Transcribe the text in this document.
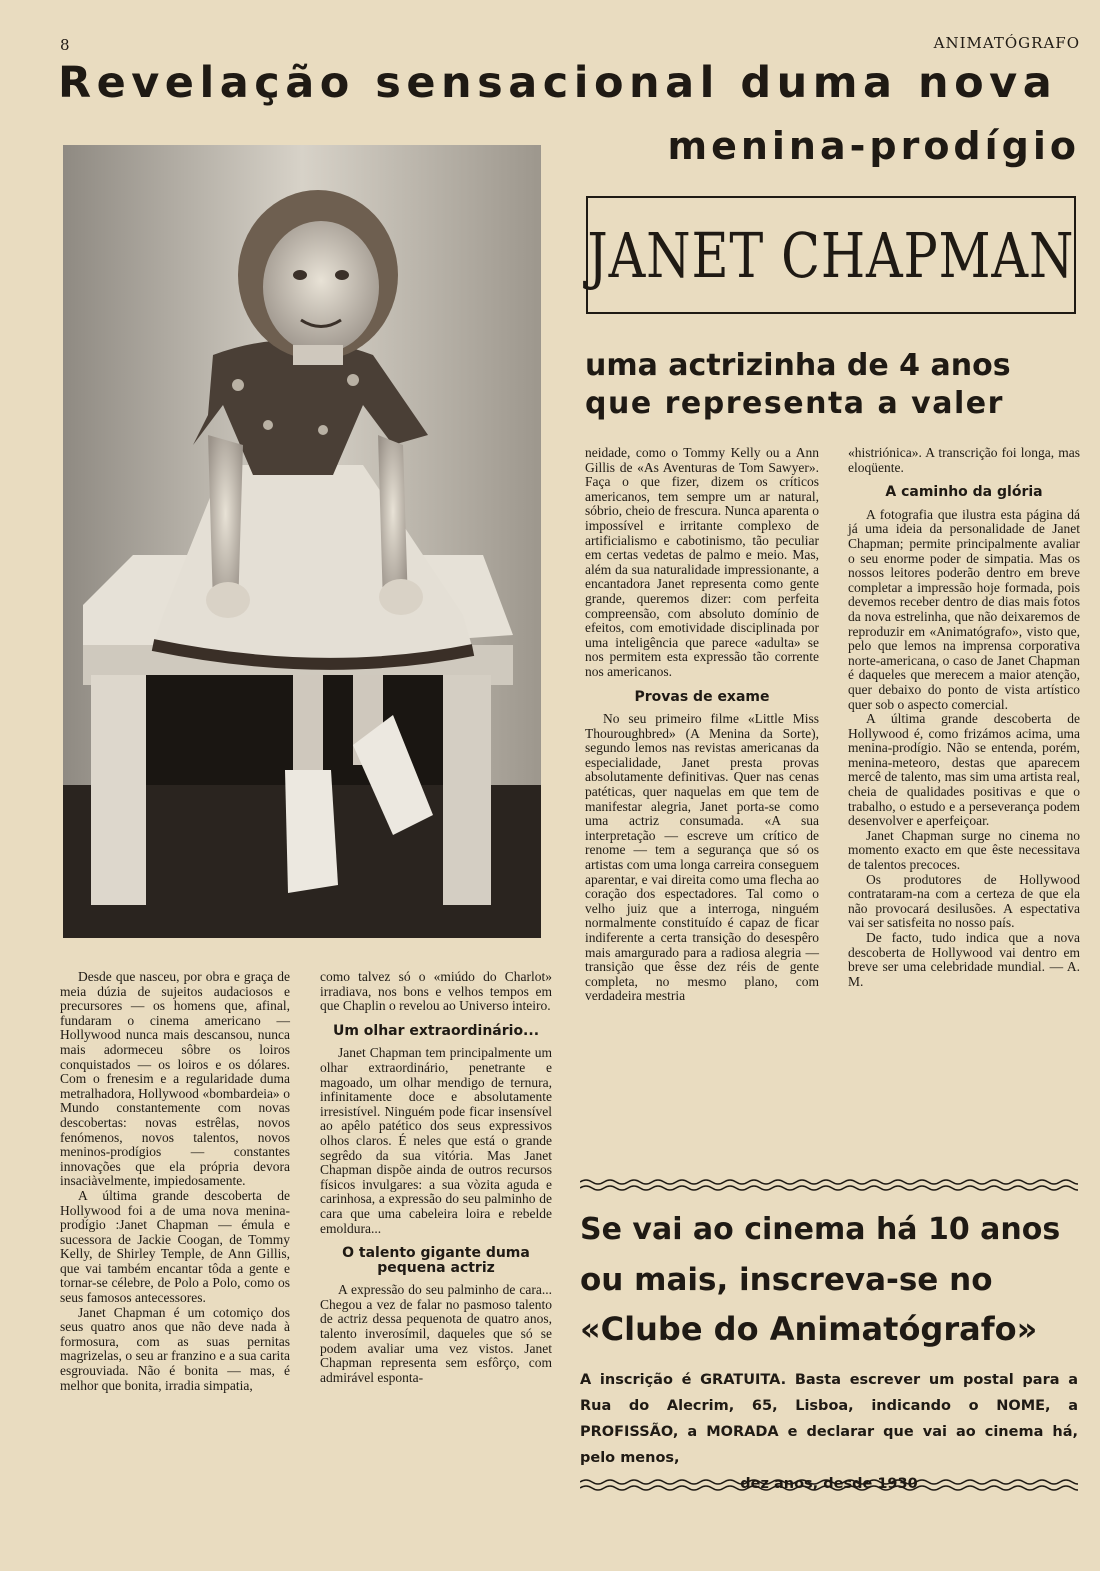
8	ANIMATÓGRAFO
Revelação sensacional duma nova
menina-prodígio
JANET CHAPMAN
uma actrizinha de 4 anos
que representa a valer

Desde que nasceu, por obra e graça de meia dúzia de sujeitos audaciosos e precursores — os homens que, afinal, fundaram o cinema americano — Hollywood nunca mais descansou, nunca mais adormeceu sôbre os loiros conquistados — os loiros e os dólares. Com o frenesim e a regularidade duma metralhadora, Hollywood «bombardeia» o Mundo constantemente com novas descobertas: novas estrêlas, novos fenómenos, novos talentos, novos meninos-prodígios — constantes innovações que ela própria devora insaciàvelmente, impiedosamente.

A última grande descoberta de Hollywood foi a de uma nova menina-prodígio :Janet Chapman — émula e sucessora de Jackie Coogan, de Tommy Kelly, de Shirley Temple, de Ann Gillis, que vai também encantar tôda a gente e tornar-se célebre, de Polo a Polo, como os seus famosos antecessores.

Janet Chapman é um cotomiço dos seus quatro anos que não deve nada à formosura, com as suas pernitas magrizelas, o seu ar franzino e a sua carita esgrouviada. Não é bonita — mas, é melhor que bonita, irradia simpatia,

como talvez só o «miúdo do Charlot» irradiava, nos bons e velhos tempos em que Chaplin o revelou ao Universo inteiro.

Um olhar extraordinário...

Janet Chapman tem principalmente um olhar extraordinário, penetrante e magoado, um olhar mendigo de ternura, infinitamente doce e absolutamente irresistível. Ninguém pode ficar insensível ao apêlo patético dos seus expressivos olhos claros. É neles que está o grande segrêdo da sua vitória. Mas Janet Chapman dispõe ainda de outros recursos físicos invulgares: a sua vòzita aguda e carinhosa, a expressão do seu palminho de cara que uma cabeleira loira e rebelde emoldura...

O talento gigante duma pequena actriz

A expressão do seu palminho de cara... Chegou a vez de falar no pasmoso talento de actriz dessa pequenota de quatro anos, talento inverosímil, daqueles que só se podem avaliar uma vez vistos. Janet Chapman representa sem esfôrço, com admirável esponta-

neidade, como o Tommy Kelly ou a Ann Gillis de «As Aventuras de Tom Sawyer». Faça o que fizer, dizem os críticos americanos, tem sempre um ar natural, sóbrio, cheio de frescura. Nunca aparenta o impossível e irritante complexo de artificialismo e cabotinismo, tão peculiar em certas vedetas de palmo e meio. Mas, além da sua naturalidade impressionante, a encantadora Janet representa como gente grande, queremos dizer: com perfeita compreensão, com absoluto domínio de efeitos, com emotividade disciplinada por uma inteligência que parece «adulta» se nos permitem esta expressão tão corrente nos americanos.

Provas de exame

No seu primeiro filme «Little Miss Thouroughbred» (A Menina da Sorte), segundo lemos nas revistas americanas da especialidade, Janet presta provas absolutamente definitivas. Quer nas cenas patéticas, quer naquelas em que tem de manifestar alegria, Janet porta-se como uma actriz consumada. «A sua interpretação — escreve um crítico de renome — tem a segurança que só os artistas com uma longa carreira conseguem aparentar, e vai direita como uma flecha ao coração dos espectadores. Tal como o velho juiz que a interroga, ninguém normalmente constituído é capaz de ficar indiferente a certa transição do desespêro mais amargurado para a radiosa alegria — transição que êsse dez réis de gente completa, no mesmo plano, com verdadeira mestria

«histriónica». A transcrição foi longa, mas eloqüente.

A caminho da glória

A fotografia que ilustra esta página dá já uma ideia da personalidade de Janet Chapman; permite principalmente avaliar o seu enorme poder de simpatia. Mas os nossos leitores poderão dentro em breve completar a impressão hoje formada, pois devemos receber dentro de dias mais fotos da nova estrelinha, que não deixaremos de reproduzir em «Animatógrafo», visto que, pelo que lemos na imprensa corporativa norte-americana, o caso de Janet Chapman é daqueles que merecem a maior atenção, quer debaixo do ponto de vista artístico quer sob o aspecto comercial.

A última grande descoberta de Hollywood é, como frizámos acima, uma menina-prodígio. Não se entenda, porém, menina-meteoro, destas que aparecem mercê de talento, mas sim uma artista real, cheia de qualidades positivas e que o trabalho, o estudo e a perseverança podem desenvolver e aperfeiçoar.

Janet Chapman surge no cinema no momento exacto em que êste necessitava de talentos precoces.

Os produtores de Hollywood contrataram-na com a certeza de que ela não provocará desilusões. A espectativa vai ser satisfeita no nosso país.

De facto, tudo indica que a nova descoberta de Hollywood vai dentro em breve ser uma celebridade mundial. — A. M.

Se vai ao cinema há 10 anos
ou mais, inscreva-se no
«Clube do Animatógrafo»
A inscrição é GRATUITA. Basta escrever um postal para a Rua do Alecrim, 65, Lisboa, indicando o NOME, a PROFISSÃO, a MORADA e declarar que vai ao cinema há, pelo menos,
dez anos, desde 1930
